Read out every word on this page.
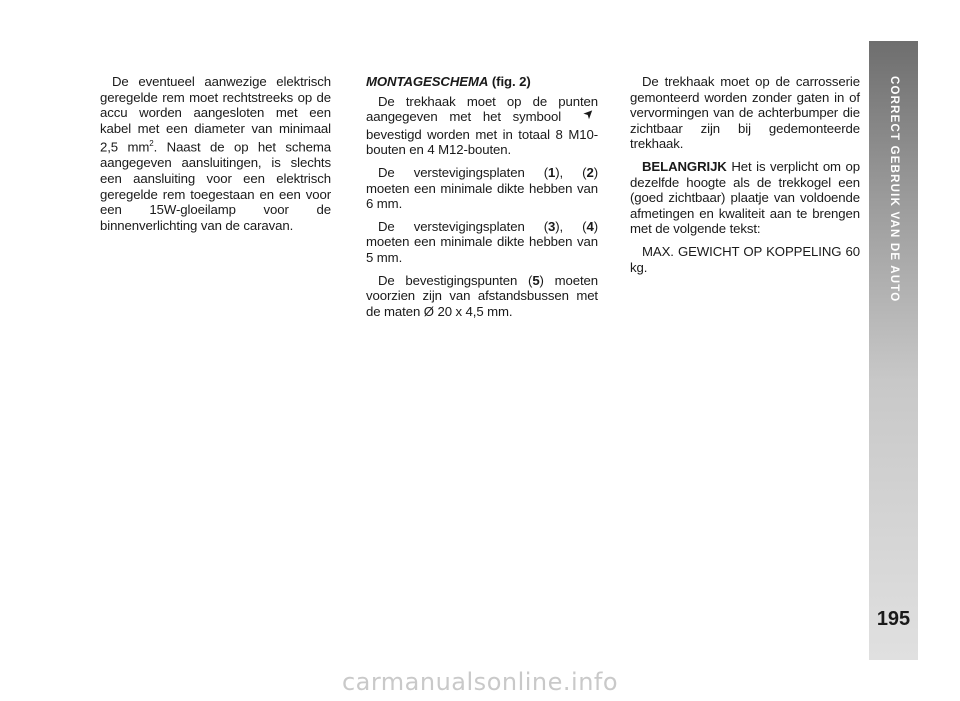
De eventueel aanwezige elektrisch geregelde rem moet rechtstreeks op de accu worden aangesloten met een kabel met een diameter van minimaal 2,5 $mm^2$. Naast de op het schema aangegeven aansluitingen, is slechts een aansluiting voor een elektrisch geregelde rem toegestaan en een voor een 15W-gloeilamp voor de binnenverlichting van de caravan.

MONTAGESCHEMA (fig. 2)

De trekhaak moet op de punten aangegeven met het symbool ➤ bevestigd worden met in totaal 8 M10-bouten en 4 M12-bouten.

De verstevigingsplaten (1), (2) moeten een minimale dikte hebben van 6 mm.

De verstevigingsplaten (3), (4) moeten een minimale dikte hebben van 5 mm.

De bevestigingspunten (5) moeten voorzien zijn van afstandsbussen met de maten Ø 20 x 4,5 mm.

De trekhaak moet op de carrosserie gemonteerd worden zonder gaten in of vervormingen van de achterbumper die zichtbaar zijn bij gedemonteerde trekhaak.

BELANGRIJK Het is verplicht om op dezelfde hoogte als de trekkogel een (goed zichtbaar) plaatje van voldoende afmetingen en kwaliteit aan te brengen met de volgende tekst:

MAX. GEWICHT OP KOPPELING 60 kg.	CORRECT GEBRUIK VAN DE AUTO
195
carmanualsonline.info
